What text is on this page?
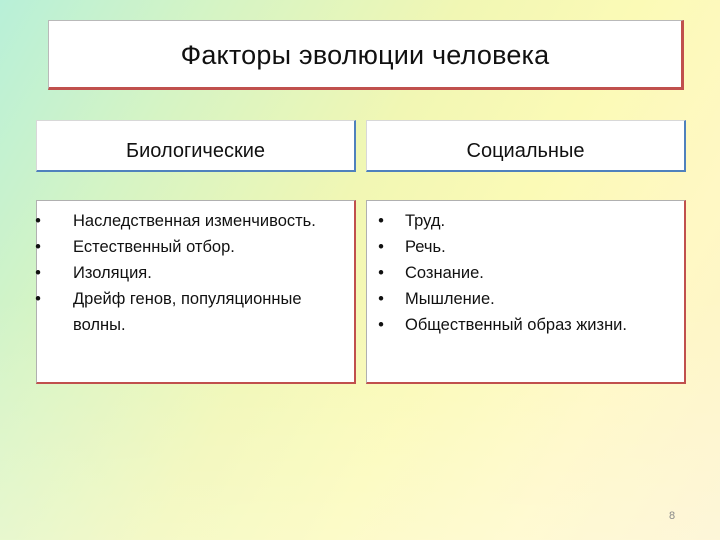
Факторы эволюции человека
Биологические	Социальные
•	Наследственная изменчивость.
•	Естественный отбор.
•	Изоляция.
•	Дрейф генов, популяционные волны.
•	Труд.
•	Речь.
•	Сознание.
•	Мышление.
•	Общественный образ жизни.
8
